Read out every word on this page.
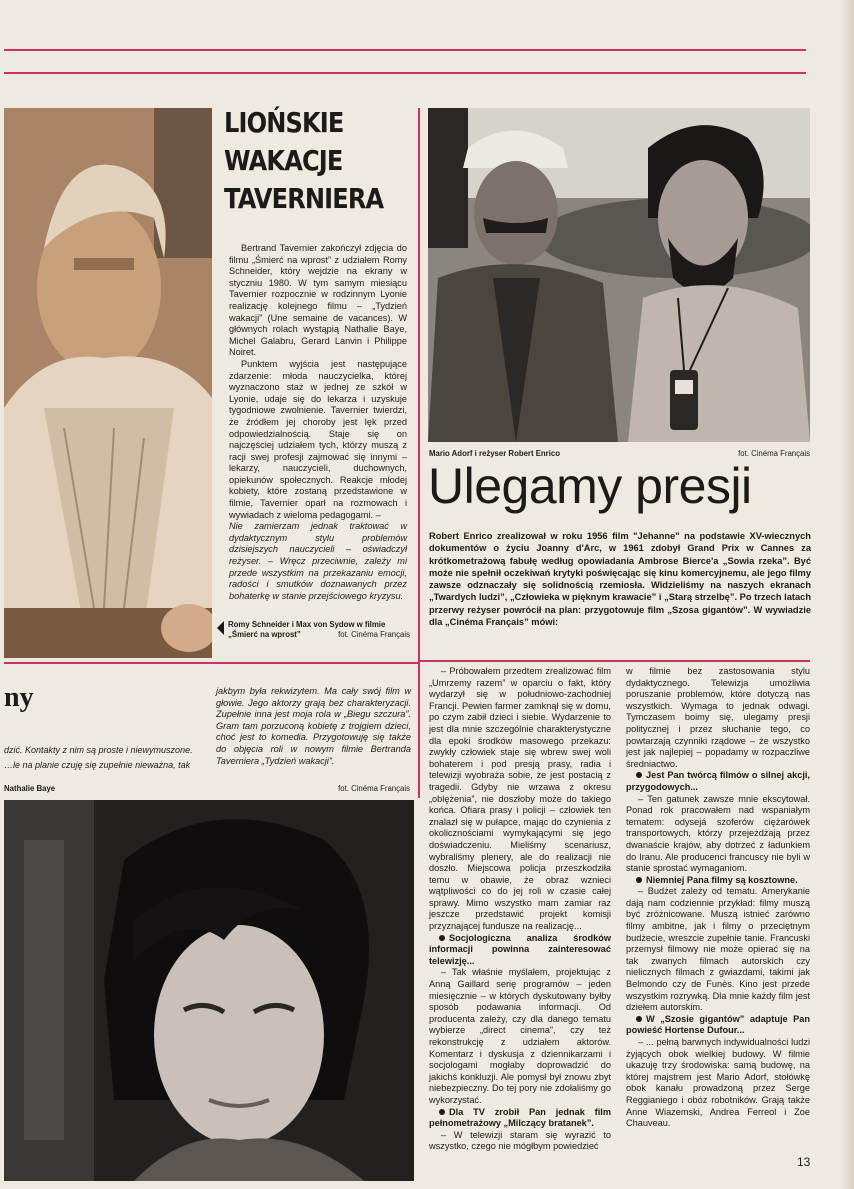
LIOŃSKIE
WAKACJE
TAVERNIERA

Bertrand Tavernier zakończył zdjęcia do filmu „Śmierć na wprost” z udziałem Romy Schneider, który wejdzie na ekrany w styczniu 1980. W tym samym miesiącu Tavernier rozpocznie w rodzinnym Lyonie realizację kolejnego filmu – „Tydzień wakacji” (Une semaine de vacances). W głównych rolach wystąpią Nathalie Baye, Michel Galabru, Gerard Lanvin i Philippe Noiret.

Punktem wyjścia jest następujące zdarzenie: młoda nauczycielka, której wyznaczono staż w jednej ze szkół w Lyonie, udaje się do lekarza i uzyskuje tygodniowe zwolnienie. Tavernier twierdzi, że źródłem jej choroby jest lęk przed odpowiedzialnością. Staje się on najczęściej udziałem tych, którzy muszą z racji swej profesji zajmować się innymi – lekarzy, nauczycieli, duchownych, opiekunów społecznych. Reakcje młodej kobiety, które zostaną przedstawione w filmie, Tavernier oparł na rozmowach i wywiadach z wieloma pedagogami. –

Nie zamierzam jednak traktować w dydaktycznym stylu problemów dzisiejszych nauczycieli – oświadczył reżyser. – Wręcz przeciwnie, zależy mi przede wszystkim na przekazaniu emocji, radości i smutków doznawanych przez bohaterkę w stanie przejściowego kryzysu.

Romy Schneider i Max von Sydow w filmie
„Śmierć na wprost”	fot. Cinéma Français
Mario Adorf i reżyser Robert Enrico	fot. Cinéma Français
Ulegamy presji
Robert Enrico zrealizował w roku 1956 film "Jehanne" na podstawie XV-wiecznych dokumentów o życiu Joanny d'Arc, w 1961 zdobył Grand Prix w Cannes za krótkometrażową fabułę według opowiadania Ambrose Bierce'a „Sowia rzeka”. Być może nie spełnił oczekiwań krytyki poświęcając się kinu komercyjnemu, ale jego filmy zawsze odznaczały się solidnością rzemiosła. Widzieliśmy na naszych ekranach „Twardych ludzi”, „Człowieka w pięknym krawacie” i „Starą strzelbę”. Po trzech latach przerwy reżyser powrócił na plan: przygotowuje film „Szosa gigantów”. W wywiadzie dla „Cinéma Français” mówi:

– Próbowałem przedtem zrealizować film „Umrzemy razem” w oparciu o fakt, który wydarzył się w południowo-zachodniej Francji. Pewien farmer zamknął się w domu, po czym zabił dzieci i siebie. Wydarzenie to jest dla mnie szczególnie charakterystyczne dla epoki środków masowego przekazu: zwykły człowiek staje się wbrew swej woli bohaterem i pod presją prasy, radia i telewizji wyobraża sobie, że jest postacią z tragedii. Gdyby nie wrzawa z okresu „oblężenia”, nie doszłoby może do takiego końca. Ofiara prasy i policji – człowiek ten znalazł się w pułapce, mając do czynienia z okolicznościami wymykającymi się jego doświadczeniu. Mieliśmy scenariusz, wybraliśmy plenery, ale do realizacji nie doszło. Miejscowa policja przeszkodziła temu w obawie, że obraz wznieci wątpliwości co do jej roli w czasie całej sprawy. Mimo wszystko mam zamiar raz jeszcze przedstawić projekt komisji przyznającej fundusze na realizację...

Socjologiczna analiza środków informacji powinna zainteresować telewizję...

– Tak właśnie myślałem, projektując z Anną Gaillard serię programów – jeden miesięcznie – w których dyskutowany byłby sposób podawania informacji. Od producenta zależy, czy dla danego tematu wybierze „direct cinema”, czy też rekonstrukcję z udziałem aktorów. Komentarz i dyskusja z dziennikarzami i socjologami mogłaby doprowadzić do jakichś konkluzji. Ale pomysł był znowu zbyt niebezpieczny. Do tej pory nie zdołaliśmy go wykorzystać.

Dla TV zrobił Pan jednak film pełnometrażowy „Milczący bratanek”.

– W telewizji staram się wyrazić to wszystko, czego nie mógłbym powiedzieć

w filmie bez zastosowania stylu dydaktycznego. Telewizja umożliwia poruszanie problemów, które dotyczą nas wszystkich. Wymaga to jednak odwagi. Tymczasem boimy się, ulegamy presji politycznej i przez słuchanie tego, co powtarzają czynniki rządowe – że wszystko jest jak najlepiej – popadamy w rozpaczliwe średniactwo.

Jest Pan twórcą filmów o silnej akcji, przygodowych...

– Ten gatunek zawsze mnie ekscytował. Ponad rok pracowałem nad wspaniałym tematem: odysejá szoferów ciężarówek transportowych, którzy przejeżdżają przez dwanaście krajów, aby dotrzeć z ładunkiem do Iranu. Ale producenci francuscy nie byli w stanie sprostać wymaganiom.

Niemniej Pana filmy są kosztowne.

– Budżet zależy od tematu. Amerykanie dają nam codziennie przykład: filmy muszą być zróżnicowane. Muszą istnieć zarówno filmy ambitne, jak i filmy o przeciętnym budżecie, wreszcie zupełnie tanie. Francuski przemysł filmowy nie może opierać się na tak zwanych filmach autorskich czy nielicznych filmach z gwiazdami, takimi jak Belmondo czy de Funès. Kino jest przede wszystkim rozrywką. Dla mnie każdy film jest dziełem autorskim.

W „Szosie gigantów” adaptuje Pan powieść Hortense Dufour...

– ... pełną barwnych indywidualności ludzi żyjących obok wielkiej budowy. W filmie ukazuję trzy środowiska: samą budowę, na której majstrem jest Mario Adorf, stołówkę obok kanału prowadzoną przez Serge Reggianiego i obóz robotników. Grają także Anne Wiazemski, Andrea Ferreol i Zoe Chauveau.

ny
dzić. Kontakty z nim są proste i niewymuszone.
…le na planie czuję się zupełnie nieważna, tak
jakbym była rekwizytem. Ma cały swój film w głowie. Jego aktorzy grają bez charakteryzacji. Zupełnie inna jest moja rola w „Biegu szczura”. Gram tam porzuconą kobietę z trojgiem dzieci, choć jest to komedia. Przygotowuję się także do objęcia roli w nowym filmie Bertranda Taverniera „Tydzień wakacji”.
Nathalie Baye	fot. Cinéma Français
13
